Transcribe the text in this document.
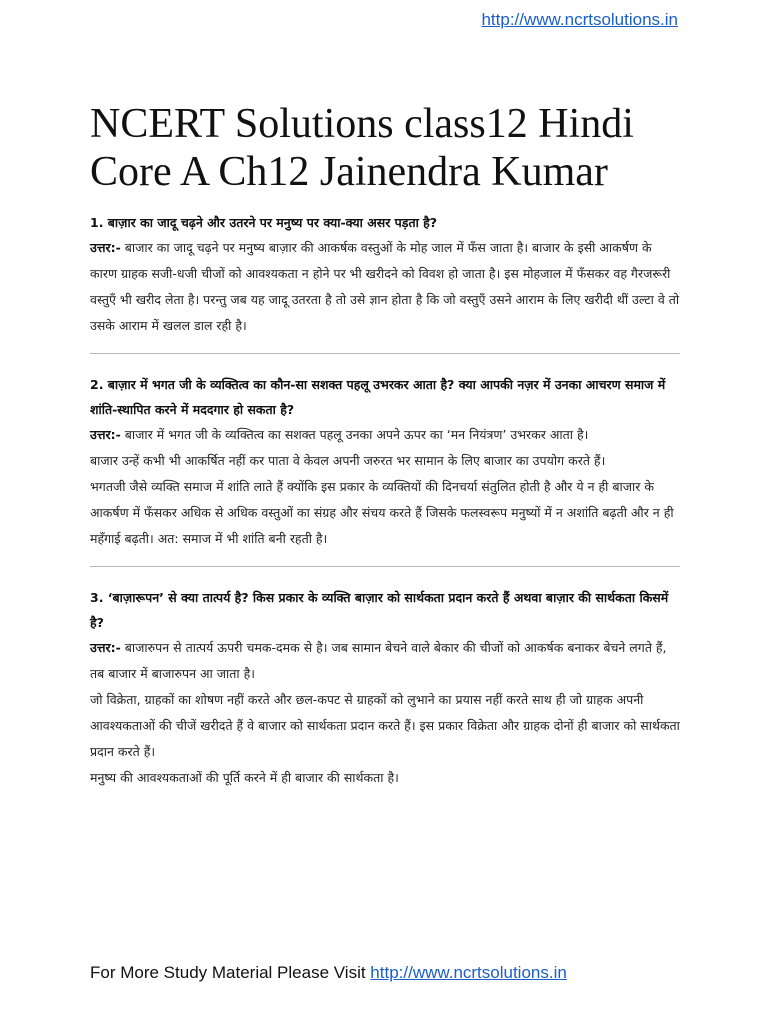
http://www.ncrtsolutions.in
NCERT Solutions class12 Hindi Core A Ch12 Jainendra Kumar

1. बाज़ार का जादू चढ़ने और उतरने पर मनुष्य पर क्या-क्या असर पड़ता है?

उत्तर:- बाजार का जादू चढ़ने पर मनुष्य बाज़ार की आकर्षक वस्तुओं के मोह जाल में फँस जाता है। बाजार के इसी आकर्षण के कारण ग्राहक सजी-धजी चीजों को आवश्यकता न होने पर भी खरीदने को विवश हो जाता है। इस मोहजाल में फँसकर वह गैरजरूरी वस्तुएँ भी खरीद लेता है। परन्तु जब यह जादू उतरता है तो उसे ज्ञान होता है कि जो वस्तुएँ उसने आराम के लिए खरीदी थीं उल्टा वे तो उसके आराम में खलल डाल रही है।

2. बाज़ार में भगत जी के व्यक्तित्व का कौन-सा सशक्त पहलू उभरकर आता है? क्या आपकी नज़र में उनका आचरण समाज में शांति-स्थापित करने में मददगार हो सकता है?

उत्तर:- बाजार में भगत जी के व्यक्तित्व का सशक्त पहलू उनका अपने ऊपर का ‘मन नियंत्रण’ उभरकर आता है।

बाजार उन्हें कभी भी आकर्षित नहीं कर पाता वे केवल अपनी जरुरत भर सामान के लिए बाजार का उपयोग करते हैं।

भगतजी जैसे व्यक्ति समाज में शांति लाते हैं क्योंकि इस प्रकार के व्यक्तियों की दिनचर्या संतुलित होती है और ये न ही बाजार के आकर्षण में फँसकर अधिक से अधिक वस्तुओं का संग्रह और संचय करते हैं जिसके फलस्वरूप मनुष्यों में न अशांति बढ़ती और न ही महँगाई बढ़ती। अत: समाज में भी शांति बनी रहती है।

3. ‘बाज़ारूपन’ से क्या तात्पर्य है? किस प्रकार के व्यक्ति बाज़ार को सार्थकता प्रदान करते हैं अथवा बाज़ार की सार्थकता किसमें है?

उत्तर:- बाजारुपन से तात्पर्य ऊपरी चमक-दमक से है। जब सामान बेचने वाले बेकार की चीजों को आकर्षक बनाकर बेचने लगते हैं, तब बाजार में बाजारुपन आ जाता है।

जो विक्रेता, ग्राहकों का शोषण नहीं करते और छल-कपट से ग्राहकों को लुभाने का प्रयास नहीं करते साथ ही जो ग्राहक अपनी आवश्यकताओं की चीजें खरीदते हैं वे बाजार को सार्थकता प्रदान करते हैं। इस प्रकार विक्रेता और ग्राहक दोनों ही बाजार को सार्थकता प्रदान करते हैं।

मनुष्य की आवश्यकताओं की पूर्ति करने में ही बाजार की सार्थकता है।

For More Study Material Please Visit http://www.ncrtsolutions.in
